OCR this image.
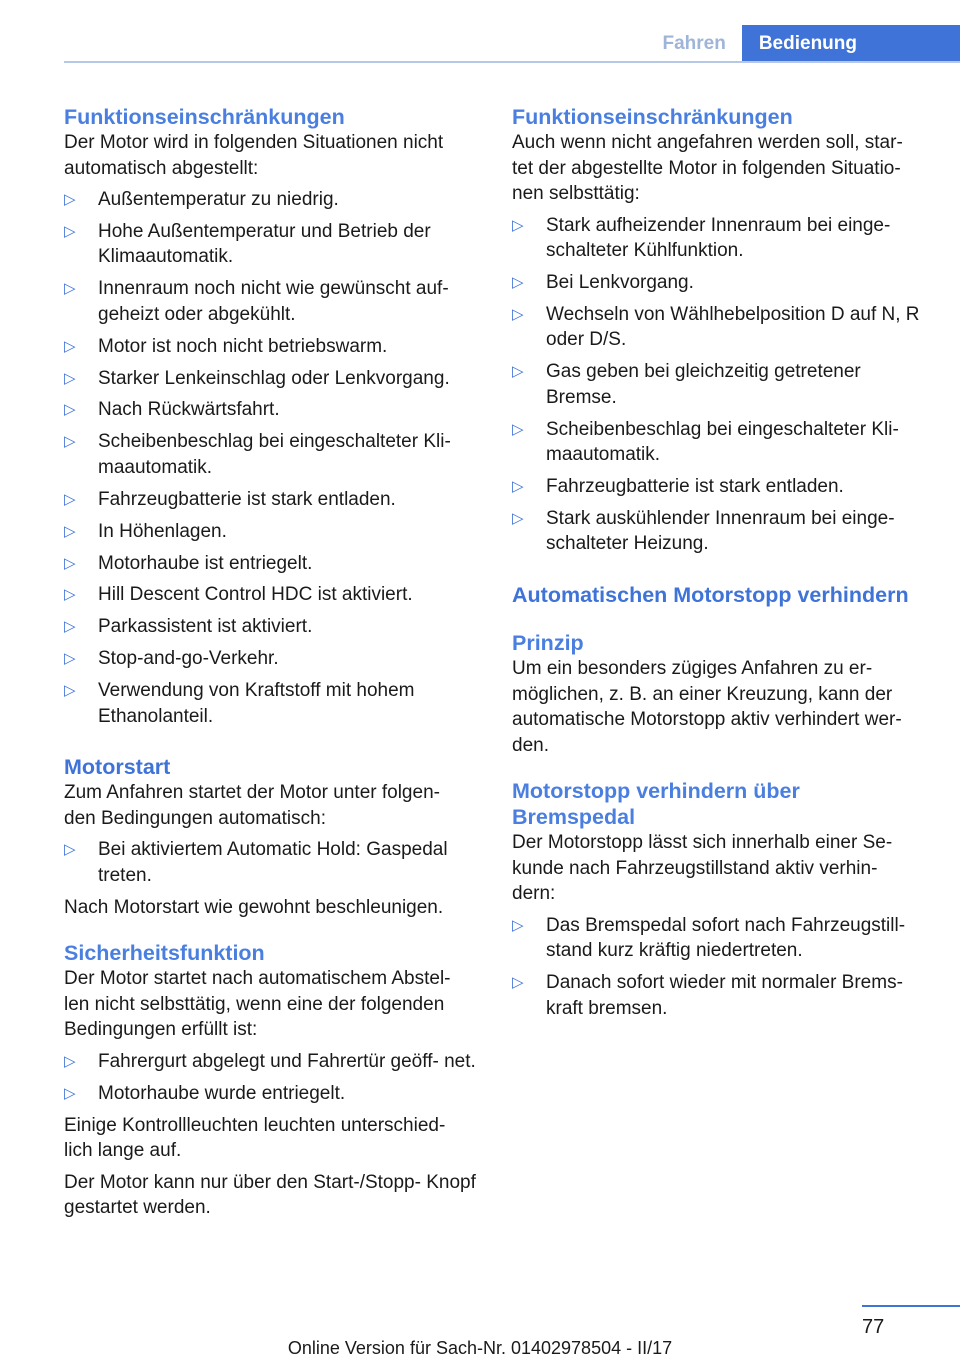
Fahren	Bedienung
Funktionseinschränkungen

Der Motor wird in folgenden Situationen nicht automatisch abgestellt:

▷ Außentemperatur zu niedrig.
▷ Hohe Außentemperatur und Betrieb der Klimaautomatik.
▷ Innenraum noch nicht wie gewünscht auf‐ geheizt oder abgekühlt.
▷ Motor ist noch nicht betriebswarm.
▷ Starker Lenkeinschlag oder Lenkvorgang.
▷ Nach Rückwärtsfahrt.
▷ Scheibenbeschlag bei eingeschalteter Kli‐ maautomatik.
▷ Fahrzeugbatterie ist stark entladen.
▷ In Höhenlagen.
▷ Motorhaube ist entriegelt.
▷ Hill Descent Control HDC ist aktiviert.
▷ Parkassistent ist aktiviert.
▷ Stop-and-go-Verkehr.
▷ Verwendung von Kraftstoff mit hohem Ethanolanteil.
Motorstart

Zum Anfahren startet der Motor unter folgen‐ den Bedingungen automatisch:

▷ Bei aktiviertem Automatic Hold: Gaspedal treten.

Nach Motorstart wie gewohnt beschleunigen.

Sicherheitsfunktion

Der Motor startet nach automatischem Abstel‐ len nicht selbsttätig, wenn eine der folgenden Bedingungen erfüllt ist:

▷ Fahrergurt abgelegt und Fahrertür geöff‐ net.
▷ Motorhaube wurde entriegelt.

Einige Kontrollleuchten leuchten unterschied‐ lich lange auf.

Der Motor kann nur über den Start-/Stopp- Knopf gestartet werden.

Funktionseinschränkungen

Auch wenn nicht angefahren werden soll, star‐ tet der abgestellte Motor in folgenden Situatio‐ nen selbsttätig:

▷ Stark aufheizender Innenraum bei einge‐ schalteter Kühlfunktion.
▷ Bei Lenkvorgang.
▷ Wechseln von Wählhebelposition D auf N, R oder D/S.
▷ Gas geben bei gleichzeitig getretener Bremse.
▷ Scheibenbeschlag bei eingeschalteter Kli‐ maautomatik.
▷ Fahrzeugbatterie ist stark entladen.
▷ Stark auskühlender Innenraum bei einge‐ schalteter Heizung.
Automatischen Motorstopp verhindern
Prinzip

Um ein besonders zügiges Anfahren zu er‐ möglichen, z. B. an einer Kreuzung, kann der automatische Motorstopp aktiv verhindert wer‐ den.

Motorstopp verhindern über Bremspedal

Der Motorstopp lässt sich innerhalb einer Se‐ kunde nach Fahrzeugstillstand aktiv verhin‐ dern:

▷ Das Bremspedal sofort nach Fahrzeugstill‐ stand kurz kräftig niedertreten.
▷ Danach sofort wieder mit normaler Brems‐ kraft bremsen.
77
Online Version für Sach-Nr. 01402978504 - II/17
